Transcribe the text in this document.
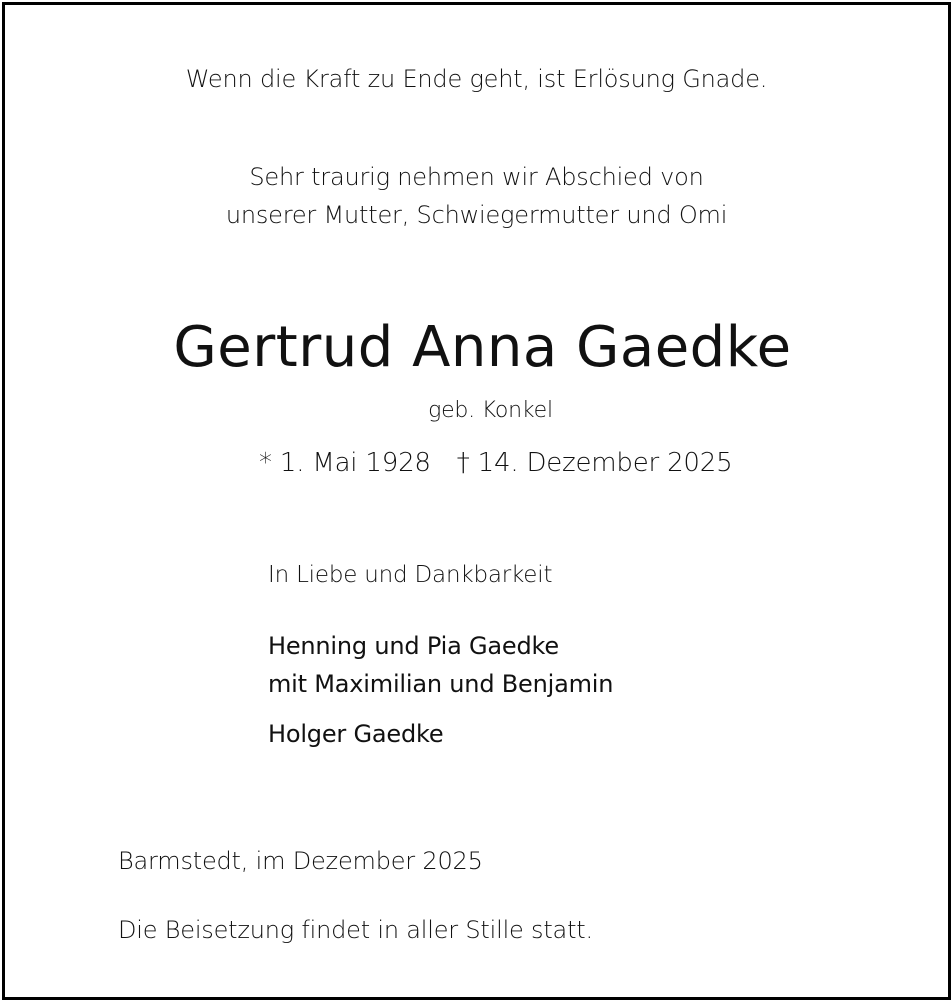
Wenn die Kraft zu Ende geht, ist Erlösung Gnade.
Sehr traurig nehmen wir Abschied von
unserer Mutter, Schwiegermutter und Omi
Gertrud Anna Gaedke
geb. Konkel
* 1. Mai 1928 † 14. Dezember 2025
In Liebe und Dankbarkeit
Henning und Pia Gaedke
mit Maximilian und Benjamin
Holger Gaedke
Barmstedt, im Dezember 2025
Die Beisetzung findet in aller Stille statt.
